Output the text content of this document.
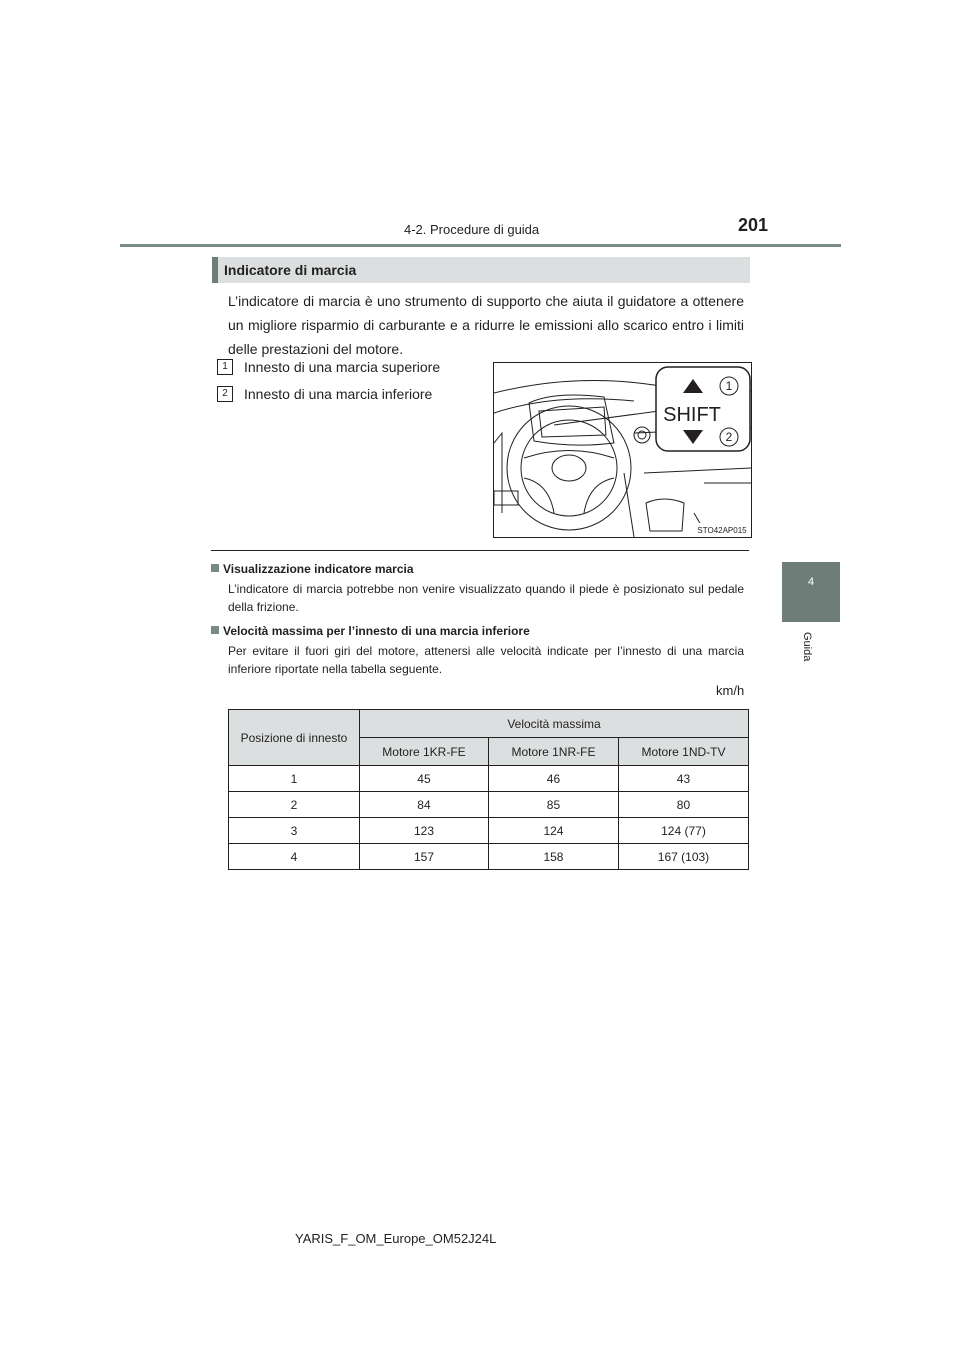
4-2. Procedure di guida	201
4
Guida
Indicatore di marcia
L’indicatore di marcia è uno strumento di supporto che aiuta il guidatore a ottenere un migliore risparmio di carburante e a ridurre le emissioni allo scarico entro i limiti delle prestazioni del motore.
1	Innesto di una marcia superiore
2	Innesto di una marcia inferiore
SHIFT
1
2
STO42AP015
Visualizzazione indicatore marcia
L’indicatore di marcia potrebbe non venire visualizzato quando il piede è posizionato sul pedale della frizione.
Velocità massima per l’innesto di una marcia inferiore
Per evitare il fuori giri del motore, attenersi alle velocità indicate per l’innesto di una marcia inferiore riportate nella tabella seguente.
km/h
Posizione di innesto	Velocità massima		
	Motore 1KR-FE	Motore 1NR-FE	Motore 1ND-TV
1	45	46	43
2	84	85	80
3	123	124	124 (77)
4	157	158	167 (103)
YARIS_F_OM_Europe_OM52J24L
